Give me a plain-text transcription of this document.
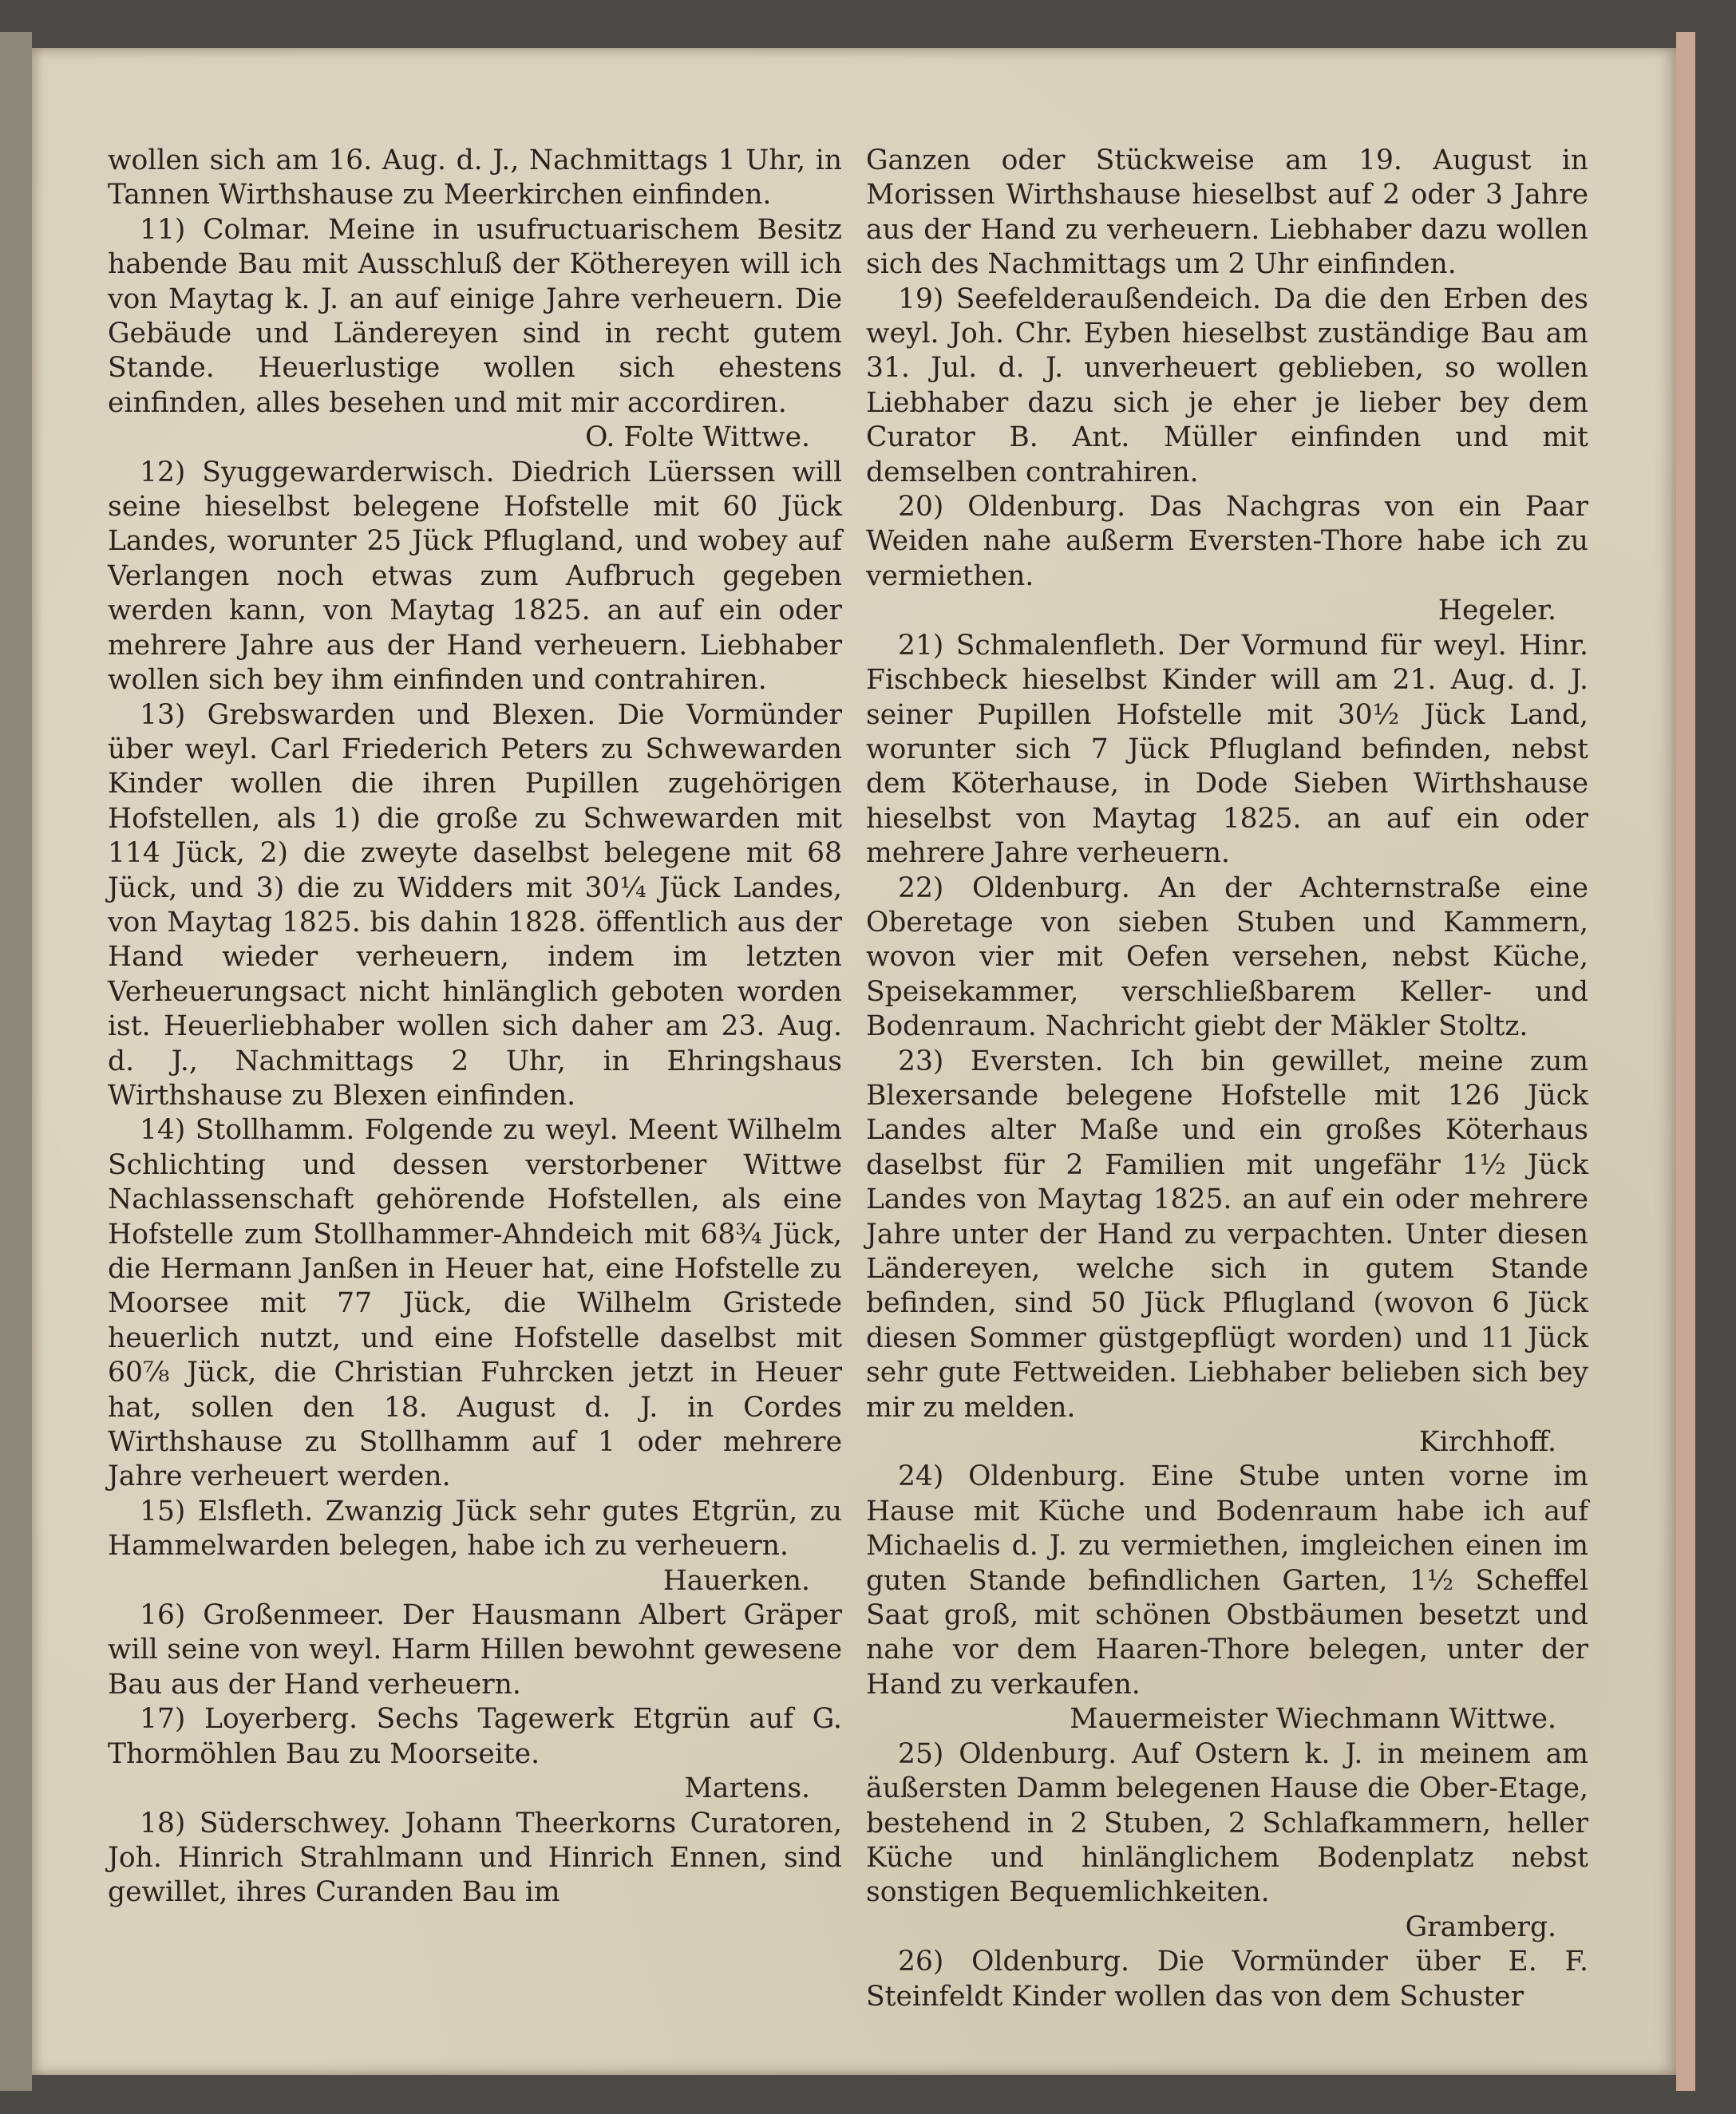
wollen sich am 16. Aug. d. J., Nachmittags 1 Uhr, in Tannen Wirthshause zu Meerkirchen einfinden.

11) Colmar. Meine in usufructuarischem Besitz habende Bau mit Ausschluß der Köthereyen will ich von Maytag k. J. an auf einige Jahre verheuern. Die Gebäude und Ländereyen sind in recht gutem Stande. Heuerlustige wollen sich ehestens einfinden, alles besehen und mit mir accordiren.

O. Folte Wittwe.

12) Syuggewarderwisch. Diedrich Lüerssen will seine hieselbst belegene Hofstelle mit 60 Jück Landes, worunter 25 Jück Pflugland, und wobey auf Verlangen noch etwas zum Aufbruch gegeben werden kann, von Maytag 1825. an auf ein oder mehrere Jahre aus der Hand verheuern. Liebhaber wollen sich bey ihm einfinden und contrahiren.

13) Grebswarden und Blexen. Die Vormünder über weyl. Carl Friederich Peters zu Schwewarden Kinder wollen die ihren Pupillen zugehörigen Hofstellen, als 1) die große zu Schwewarden mit 114 Jück, 2) die zweyte daselbst belegene mit 68 Jück, und 3) die zu Widders mit 30¼ Jück Landes, von Maytag 1825. bis dahin 1828. öffentlich aus der Hand wieder verheuern, indem im letzten Verheuerungsact nicht hinlänglich geboten worden ist. Heuerliebhaber wollen sich daher am 23. Aug. d. J., Nachmittags 2 Uhr, in Ehringshaus Wirthshause zu Blexen einfinden.

14) Stollhamm. Folgende zu weyl. Meent Wilhelm Schlichting und dessen verstorbener Wittwe Nachlassenschaft gehörende Hofstellen, als eine Hofstelle zum Stollhammer-Ahndeich mit 68¾ Jück, die Hermann Janßen in Heuer hat, eine Hofstelle zu Moorsee mit 77 Jück, die Wilhelm Gristede heuerlich nutzt, und eine Hofstelle daselbst mit 60⅞ Jück, die Christian Fuhrcken jetzt in Heuer hat, sollen den 18. August d. J. in Cordes Wirthshause zu Stollhamm auf 1 oder mehrere Jahre verheuert werden.

15) Elsfleth. Zwanzig Jück sehr gutes Etgrün, zu Hammelwarden belegen, habe ich zu verheuern.

Hauerken.

16) Großenmeer. Der Hausmann Albert Gräper will seine von weyl. Harm Hillen bewohnt gewesene Bau aus der Hand verheuern.

17) Loyerberg. Sechs Tagewerk Etgrün auf G. Thormöhlen Bau zu Moorseite.

Martens.

18) Süderschwey. Johann Theerkorns Curatoren, Joh. Hinrich Strahlmann und Hinrich Ennen, sind gewillet, ihres Curanden Bau im

Ganzen oder Stückweise am 19. August in Morissen Wirthshause hieselbst auf 2 oder 3 Jahre aus der Hand zu verheuern. Liebhaber dazu wollen sich des Nachmittags um 2 Uhr einfinden.

19) Seefelderaußendeich. Da die den Erben des weyl. Joh. Chr. Eyben hieselbst zuständige Bau am 31. Jul. d. J. unverheuert geblieben, so wollen Liebhaber dazu sich je eher je lieber bey dem Curator B. Ant. Müller einfinden und mit demselben contrahiren.

20) Oldenburg. Das Nachgras von ein Paar Weiden nahe außerm Eversten-Thore habe ich zu vermiethen.

Hegeler.

21) Schmalenfleth. Der Vormund für weyl. Hinr. Fischbeck hieselbst Kinder will am 21. Aug. d. J. seiner Pupillen Hofstelle mit 30½ Jück Land, worunter sich 7 Jück Pflugland befinden, nebst dem Köterhause, in Dode Sieben Wirthshause hieselbst von Maytag 1825. an auf ein oder mehrere Jahre verheuern.

22) Oldenburg. An der Achternstraße eine Oberetage von sieben Stuben und Kammern, wovon vier mit Oefen versehen, nebst Küche, Speisekammer, verschließbarem Keller- und Bodenraum. Nachricht giebt der Mäkler Stoltz.

23) Eversten. Ich bin gewillet, meine zum Blexersande belegene Hofstelle mit 126 Jück Landes alter Maße und ein großes Köterhaus daselbst für 2 Familien mit ungefähr 1½ Jück Landes von Maytag 1825. an auf ein oder mehrere Jahre unter der Hand zu verpachten. Unter diesen Ländereyen, welche sich in gutem Stande befinden, sind 50 Jück Pflugland (wovon 6 Jück diesen Sommer güstgepflügt worden) und 11 Jück sehr gute Fettweiden. Liebhaber belieben sich bey mir zu melden.

Kirchhoff.

24) Oldenburg. Eine Stube unten vorne im Hause mit Küche und Bodenraum habe ich auf Michaelis d. J. zu vermiethen, imgleichen einen im guten Stande befindlichen Garten, 1½ Scheffel Saat groß, mit schönen Obstbäumen besetzt und nahe vor dem Haaren-Thore belegen, unter der Hand zu verkaufen.

Mauermeister Wiechmann Wittwe.

25) Oldenburg. Auf Ostern k. J. in meinem am äußersten Damm belegenen Hause die Ober-Etage, bestehend in 2 Stuben, 2 Schlafkammern, heller Küche und hinlänglichem Bodenplatz nebst sonstigen Bequemlichkeiten.

Gramberg.

26) Oldenburg. Die Vormünder über E. F. Steinfeldt Kinder wollen das von dem Schuster
